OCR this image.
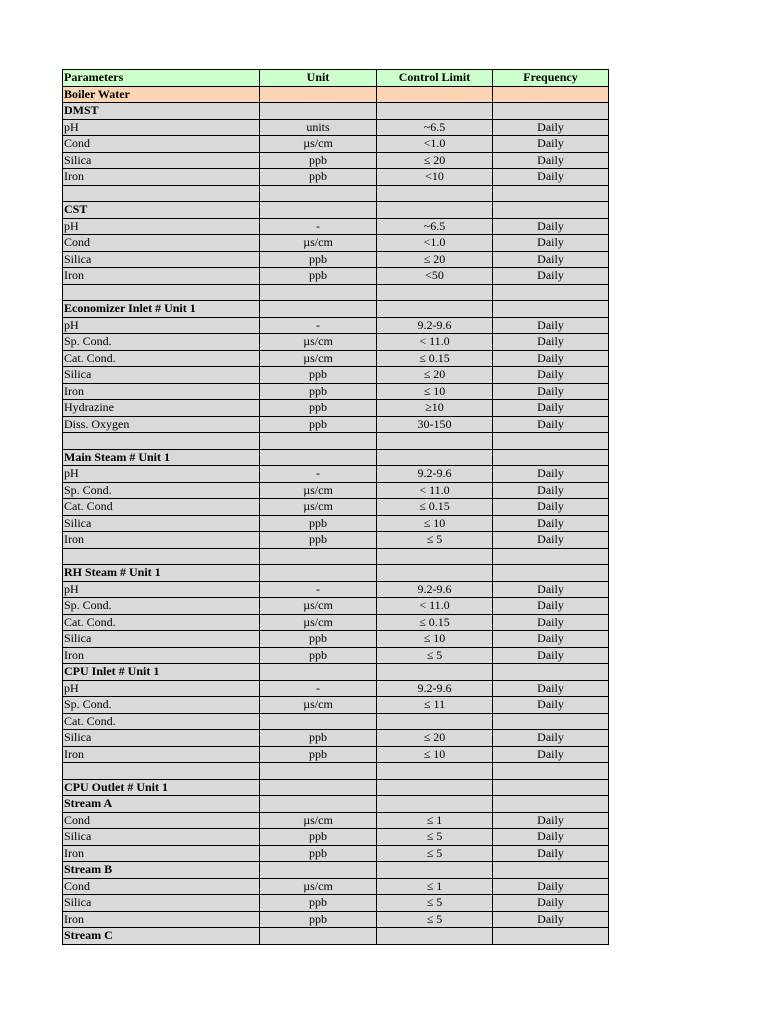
Parameters	Unit	Control Limit	Frequency
Boiler Water			
DMST			
pH	units	~6.5	Daily
Cond	µs/cm	<1.0	Daily
Silica	ppb	≤ 20	Daily
Iron	ppb	<10	Daily

CST			
pH	-	~6.5	Daily
Cond	µs/cm	<1.0	Daily
Silica	ppb	≤ 20	Daily
Iron	ppb	<50	Daily

Economizer Inlet # Unit 1			
pH	-	9.2-9.6	Daily
Sp. Cond.	µs/cm	< 11.0	Daily
Cat. Cond.	µs/cm	≤ 0.15	Daily
Silica	ppb	≤ 20	Daily
Iron	ppb	≤ 10	Daily
Hydrazine	ppb	≥10	Daily
Diss. Oxygen	ppb	30-150	Daily

Main Steam # Unit 1			
pH	-	9.2-9.6	Daily
Sp. Cond.	µs/cm	< 11.0	Daily
Cat. Cond	µs/cm	≤ 0.15	Daily
Silica	ppb	≤ 10	Daily
Iron	ppb	≤ 5	Daily

RH Steam # Unit 1			
pH	-	9.2-9.6	Daily
Sp. Cond.	µs/cm	< 11.0	Daily
Cat. Cond.	µs/cm	≤ 0.15	Daily
Silica	ppb	≤ 10	Daily
Iron	ppb	≤ 5	Daily
CPU Inlet # Unit 1			
pH	-	9.2-9.6	Daily
Sp. Cond.	µs/cm	≤ 11	Daily
Cat. Cond.			
Silica	ppb	≤ 20	Daily
Iron	ppb	≤ 10	Daily

CPU Outlet # Unit 1			
Stream A			
Cond	µs/cm	≤ 1	Daily
Silica	ppb	≤ 5	Daily
Iron	ppb	≤ 5	Daily
Stream B			
Cond	µs/cm	≤ 1	Daily
Silica	ppb	≤ 5	Daily
Iron	ppb	≤ 5	Daily
Stream C			
